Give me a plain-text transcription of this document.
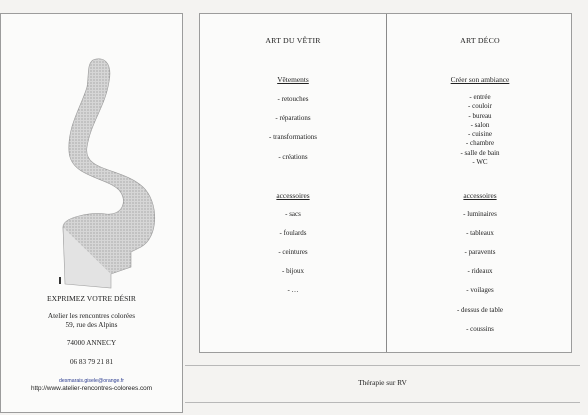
EXPRIMEZ VOTRE DÉSIR
Atelier les rencontres colorées
59, rue des Alpins
74000 ANNECY
06 83 79 21 81
desmarais.gisele@orange.fr
http://www.atelier-rencontres-colorees.com
ART DU VÊTIR
Vêtements
- retouches
- réparations
- transformations
- créations
accessoires
- sacs
- foulards
- ceintures
- bijoux
- …
ART DÉCO
Créer son ambiance
- entrée
- couloir
- bureau
- salon
- cuisine
- chambre
- salle de bain
- WC
accessoires
- luminaires
- tableaux
- paravents
- rideaux
- voilages
- dessus de table
- coussins
Thérapie sur RV
